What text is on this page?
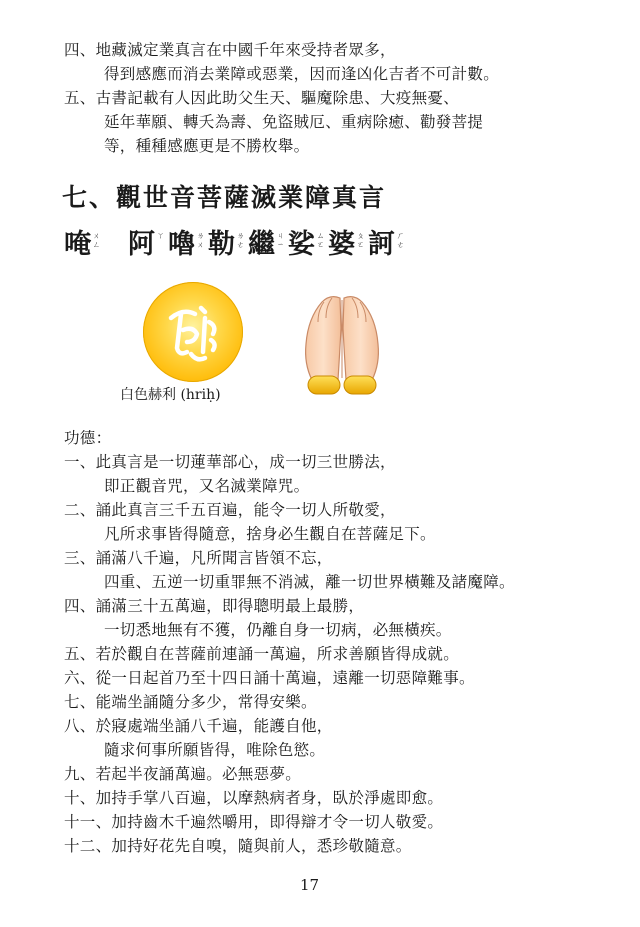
四、地藏滅定業真言在中國千年來受持者眾多，
得到感應而消去業障或惡業，因而逢凶化吉者不可計數。
五、古書記載有人因此助父生天、驅魔除患、大疫無憂、
延年華願、轉夭為壽、免盜賊厄、重病除癒、勸發菩提
等，種種感應更是不勝枚舉。
七、觀世音菩薩滅業障真言
唵 ㄨㄥ 阿 ㄚ 嚕 ㄌㄨ 勒 ㄌㄜ 繼 ㄐㄧ 娑 ㄙㄛ 婆 ㄆㄛ 訶 ㄏㄜ
白色赫利 (hriḥ)
功德：
一、此真言是一切蓮華部心，成一切三世勝法，
即正觀音咒，又名滅業障咒。
二、誦此真言三千五百遍，能令一切人所敬愛，
凡所求事皆得隨意，捨身必生觀自在菩薩足下。
三、誦滿八千遍，凡所聞言皆領不忘，
四重、五逆一切重罪無不消滅，離一切世界橫難及諸魔障。
四、誦滿三十五萬遍，即得聰明最上最勝，
一切悉地無有不獲，仍離自身一切病，必無橫疾。
五、若於觀自在菩薩前連誦一萬遍，所求善願皆得成就。
六、從一日起首乃至十四日誦十萬遍，遠離一切惡障難事。
七、能端坐誦隨分多少，常得安樂。
八、於寢處端坐誦八千遍，能護自他，
隨求何事所願皆得，唯除色慾。
九、若起半夜誦萬遍。必無惡夢。
十、加持手掌八百遍，以摩熱病者身，臥於淨處即愈。
十一、加持齒木千遍然嚼用，即得辯才令一切人敬愛。
十二、加持好花先自嗅，隨與前人，悉珍敬隨意。
17
